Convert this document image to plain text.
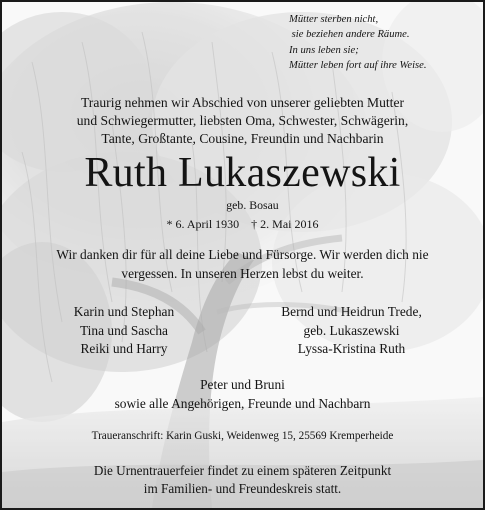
Mütter sterben nicht,
sie beziehen andere Räume.
In uns leben sie;
Mütter leben fort auf ihre Weise.
Traurig nehmen wir Abschied von unserer geliebten Mutter
und Schwiegermutter, liebsten Oma, Schwester, Schwägerin,
Tante, Großtante, Cousine, Freundin und Nachbarin
Ruth Lukaszewski
geb. Bosau
* 6. April 1930 † 2. Mai 2016
Wir danken dir für all deine Liebe und Fürsorge. Wir werden dich nie
vergessen. In unseren Herzen lebst du weiter.
Karin und Stephan
Tina und Sascha
Reiki und Harry
Bernd und Heidrun Trede,
geb. Lukaszewski
Lyssa-Kristina Ruth
Peter und Bruni
sowie alle Angehörigen, Freunde und Nachbarn
Traueranschrift: Karin Guski, Weidenweg 15, 25569 Kremperheide
Die Urnentrauerfeier findet zu einem späteren Zeitpunkt
im Familien- und Freundeskreis statt.
